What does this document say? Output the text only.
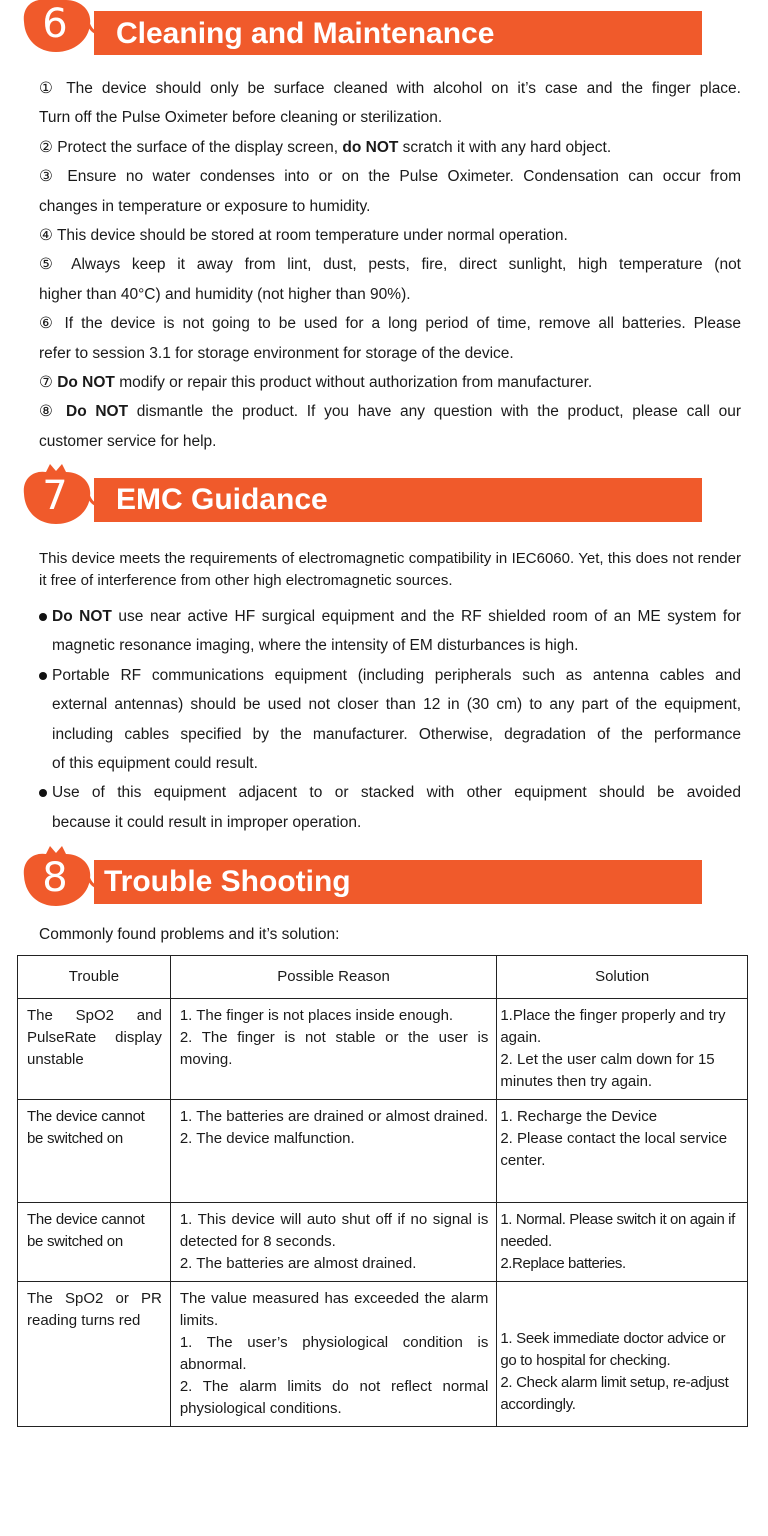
6	Cleaning and Maintenance
① The device should only be surface cleaned with alcohol on it’s case and the finger place.
Turn off the Pulse Oximeter before cleaning or sterilization.
② Protect the surface of the display screen, do NOT scratch it with any hard object.
③ Ensure no water condenses into or on the Pulse Oximeter. Condensation can occur from
changes in temperature or exposure to humidity.
④ This device should be stored at room temperature under normal operation.
⑤ Always keep it away from lint, dust, pests, fire, direct sunlight, high temperature (not
higher than 40°C) and humidity (not higher than 90%).
⑥ If the device is not going to be used for a long period of time, remove all batteries. Please
refer to session 3.1 for storage environment for storage of the device.
⑦ Do NOT modify or repair this product without authorization from manufacturer.
⑧ Do NOT dismantle the product. If you have any question with the product, please call our
customer service for help.
7	EMC Guidance
This device meets the requirements of electromagnetic compatibility in IEC6060. Yet, this does not render it free of interference from other high electromagnetic sources.
Do NOT use near active HF surgical equipment and the RF shielded room of an ME system for
magnetic resonance imaging, where the intensity of EM disturbances is high.
Portable RF communications equipment (including peripherals such as antenna cables and
external antennas) should be used not closer than 12 in (30 cm) to any part of the equipment,
including cables specified by the manufacturer. Otherwise, degradation of the performance
of this equipment could result.
Use of this equipment adjacent to or stacked with other equipment should be avoided
because it could result in improper operation.
8	Trouble Shooting
Commonly found problems and it’s solution:
Trouble	Possible Reason	Solution
The SpO2 and PulseRate display unstable	1. The finger is not places inside enough.
2. The finger is not stable or the user is moving.	1.Place the finger properly and try again.
2. Let the user calm down for 15 minutes then try again.

The device cannot be switched on	1. The batteries are drained or almost drained.
2. The device malfunction.	1. Recharge the Device
2. Please contact the local service center.

The device cannot be switched on	1. This device will auto shut off if no signal is detected for 8 seconds.
2. The batteries are almost drained.	1. Normal. Please switch it on again if needed.
2.Replace batteries.

The SpO2 or PR reading turns red	The value measured has exceeded the alarm limits.
1. The user’s physiological condition is abnormal.
2. The alarm limits do not reflect normal physiological conditions.	1. Seek immediate doctor advice or go to hospital for checking.
2. Check alarm limit setup, re-adjust accordingly.
